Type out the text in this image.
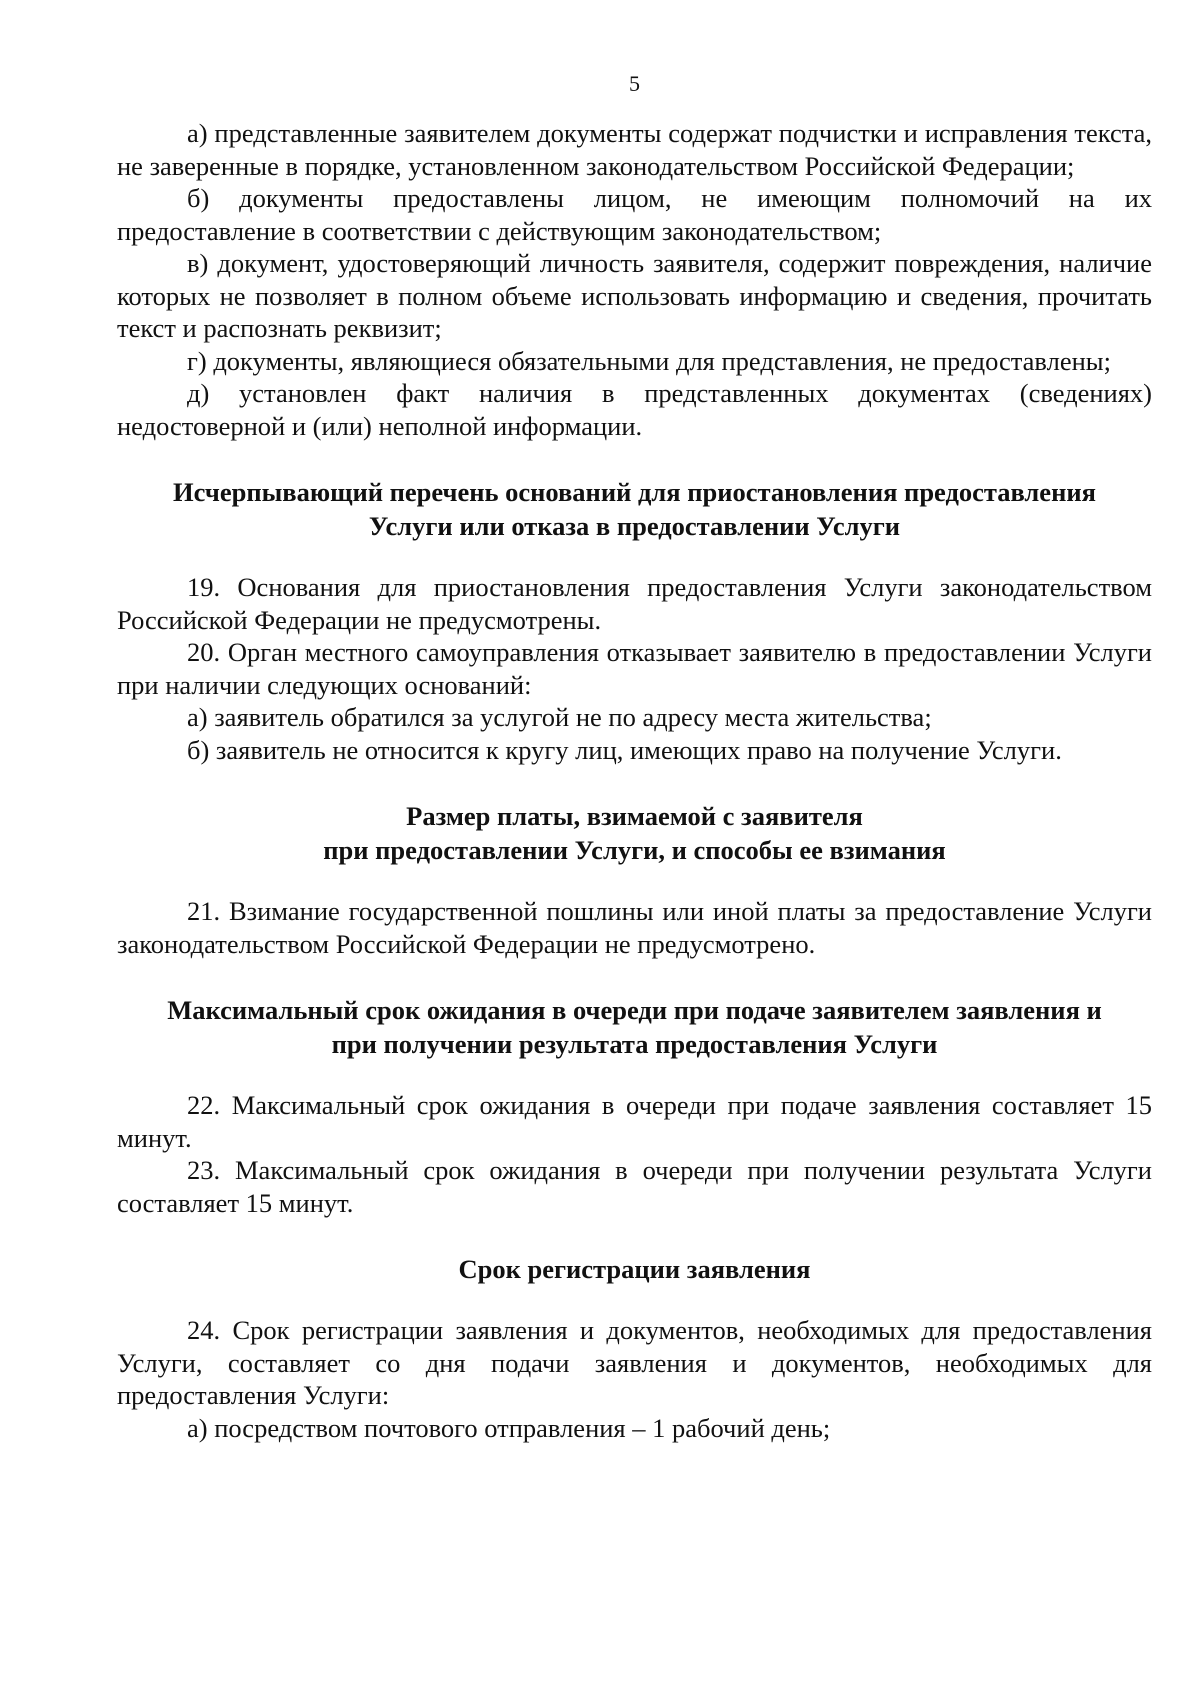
5

а) представленные заявителем документы содержат подчистки и исправления текста, не заверенные в порядке, установленном законодательством Российской Федерации;

б) документы предоставлены лицом, не имеющим полномочий на их предоставление в соответствии с действующим законодательством;

в) документ, удостоверяющий личность заявителя, содержит повреждения, наличие которых не позволяет в полном объеме использовать информацию и сведения, прочитать текст и распознать реквизит;

г) документы, являющиеся обязательными для представления, не предоставлены;

д) установлен факт наличия в представленных документах (сведениях) недостоверной и (или) неполной информации.

Исчерпывающий перечень оснований для приостановления предоставления
Услуги или отказа в предоставлении Услуги

19. Основания для приостановления предоставления Услуги законодательством Российской Федерации не предусмотрены.

20. Орган местного самоуправления отказывает заявителю в предоставлении Услуги при наличии следующих оснований:

а) заявитель обратился за услугой не по адресу места жительства;

б) заявитель не относится к кругу лиц, имеющих право на получение Услуги.

Размер платы, взимаемой с заявителя
при предоставлении Услуги, и способы ее взимания

21. Взимание государственной пошлины или иной платы за предоставление Услуги законодательством Российской Федерации не предусмотрено.

Максимальный срок ожидания в очереди при подаче заявителем заявления и
при получении результата предоставления Услуги

22. Максимальный срок ожидания в очереди при подаче заявления составляет 15 минут.

23. Максимальный срок ожидания в очереди при получении результата Услуги составляет 15 минут.

Срок регистрации заявления

24. Срок регистрации заявления и документов, необходимых для предоставления Услуги, составляет со дня подачи заявления и документов, необходимых для предоставления Услуги:

а) посредством почтового отправления – 1 рабочий день;
